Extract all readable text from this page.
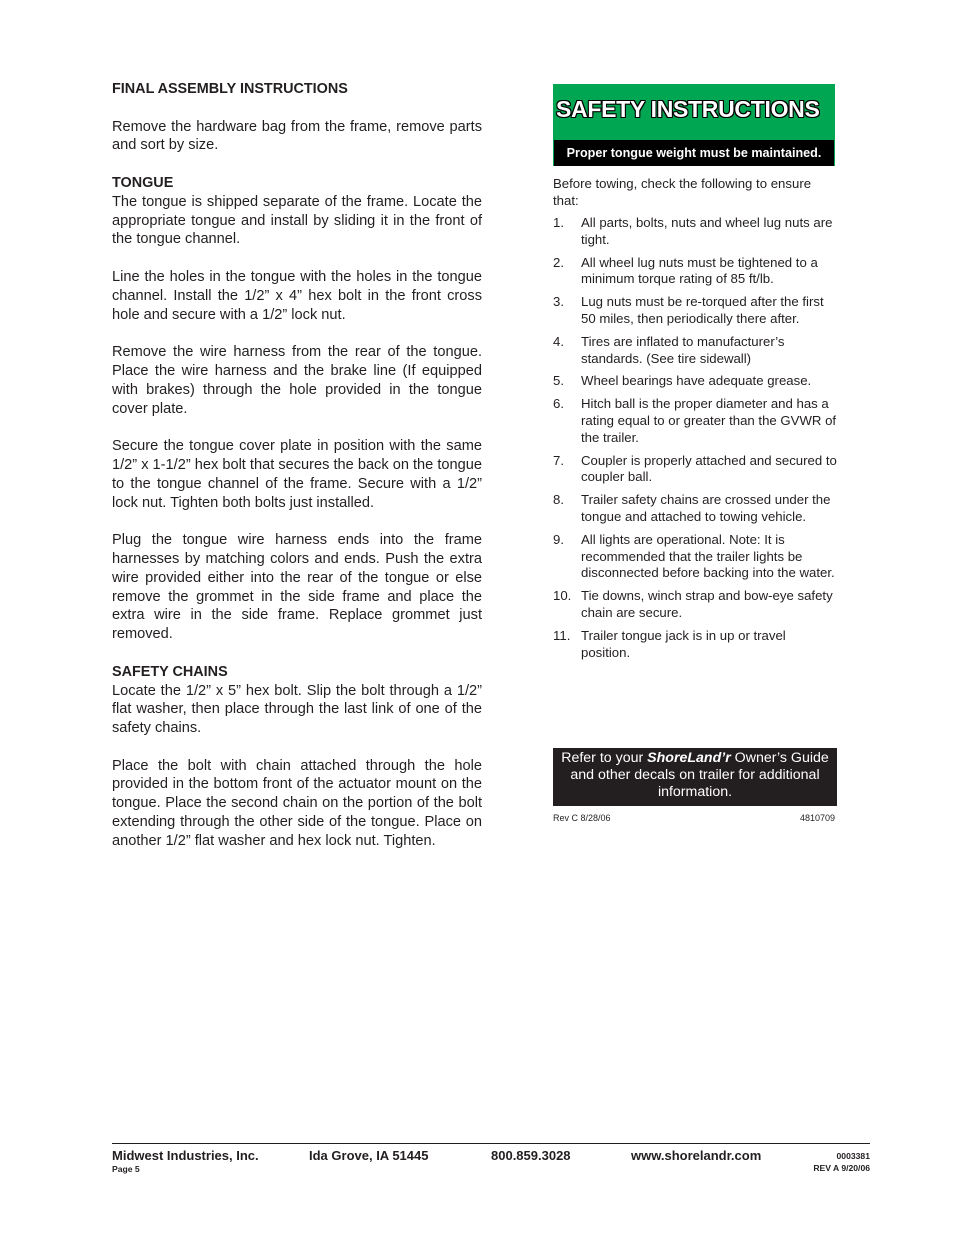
FINAL ASSEMBLY INSTRUCTIONS

Remove the hardware bag from the frame, remove parts and sort by size.

TONGUE

The tongue is shipped separate of the frame. Locate the appropriate tongue and install by sliding it in the front of the tongue channel.

Line the holes in the tongue with the holes in the tongue channel. Install the 1/2” x 4” hex bolt in the front cross hole and secure with a 1/2” lock nut.

Remove the wire harness from the rear of the tongue. Place the wire harness and the brake line (If equipped with brakes) through the hole provided in the tongue cover plate.

Secure the tongue cover plate in position with the same 1/2” x 1-1/2” hex bolt that secures the back on the tongue to the tongue channel of the frame. Secure with a 1/2” lock nut. Tighten both bolts just installed.

Plug the tongue wire harness ends into the frame harnesses by matching colors and ends. Push the extra wire provided either into the rear of the tongue or else remove the grommet in the side frame and place the extra wire in the side frame. Replace grommet just removed.

SAFETY CHAINS

Locate the 1/2” x 5” hex bolt. Slip the bolt through a 1/2” flat washer, then place through the last link of one of the safety chains.

Place the bolt with chain attached through the hole provided in the bottom front of the actuator mount on the tongue. Place the second chain on the portion of the bolt extending through the other side of the tongue. Place on another 1/2” flat washer and hex lock nut. Tighten.

SAFETY INSTRUCTIONS
Proper tongue weight must be maintained.

Before towing, check the following to ensure that:

1. All parts, bolts, nuts and wheel lug nuts are tight.
2. All wheel lug nuts must be tightened to a minimum torque rating of 85 ft/lb.
3. Lug nuts must be re-torqued after the first 50 miles, then periodically there after.
4. Tires are inflated to manufacturer’s standards. (See tire sidewall)
5. Wheel bearings have adequate grease.
6. Hitch ball is the proper diameter and has a rating equal to or greater than the GVWR of the trailer.
7. Coupler is properly attached and secured to coupler ball.
8. Trailer safety chains are crossed under the tongue and attached to towing vehicle.
9. All lights are operational. Note: It is recommended that the trailer lights be disconnected before backing into the water.
10. Tie downs, winch strap and bow-eye safety chain are secure.
11. Trailer tongue jack is in up or travel position.
Refer to your ShoreLand’r Owner’s Guide and other decals on trailer for additional information.
Rev C 8/28/06	4810709
Midwest Industries, Inc.	Ida Grove, IA 51445	800.859.3028	www.shorelandr.com
Page 5
0003381
REV A 9/20/06
